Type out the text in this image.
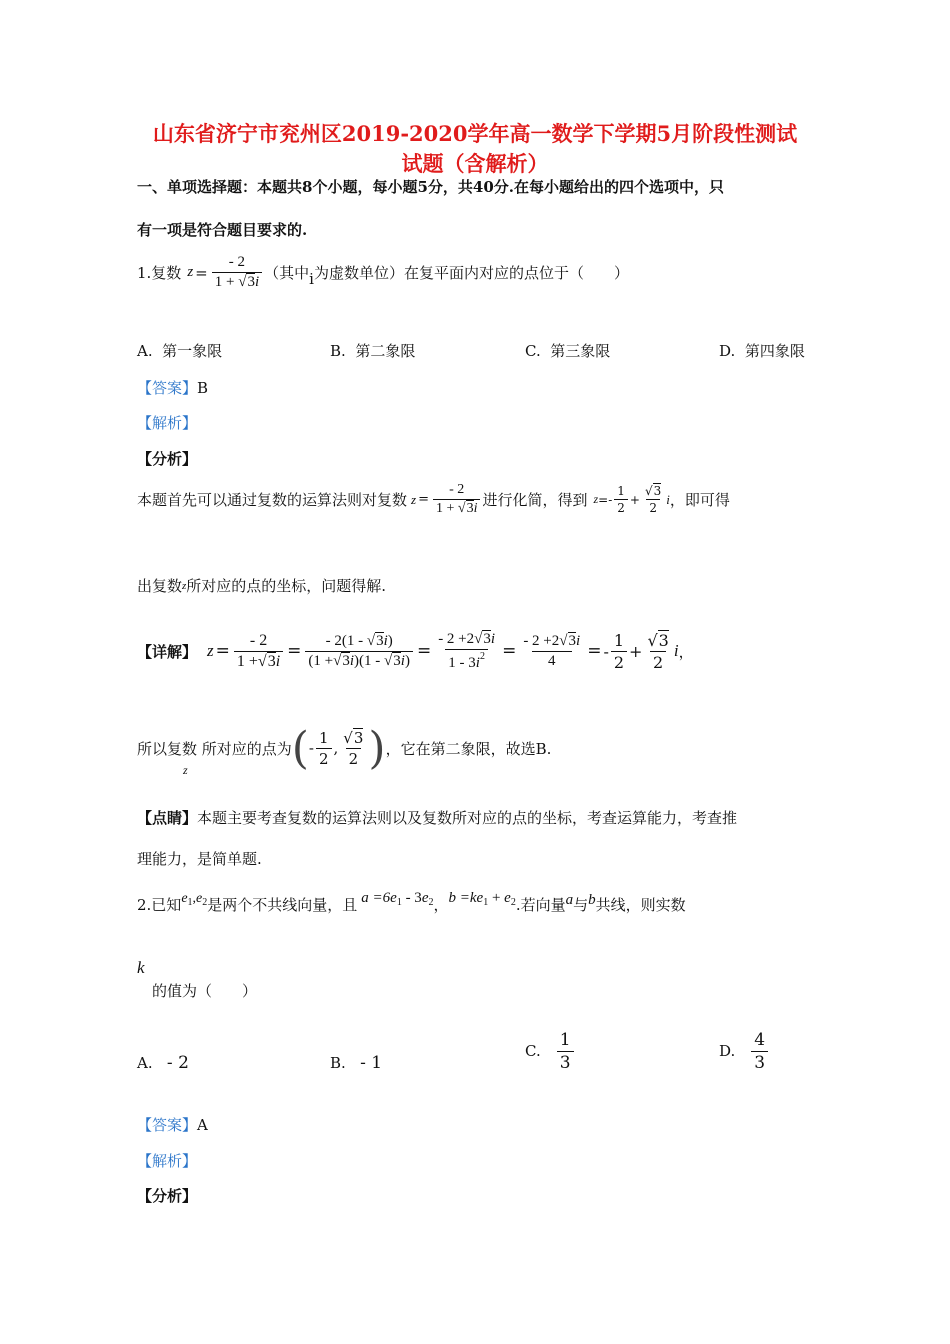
山东省济宁市兖州区2019-2020学年高一数学下学期5月阶段性测试
试题（含解析）
一、单项选择题：本题共8个小题，每小题5分，共40分.在每小题给出的四个选项中，只
有一项是符合题目要求的.
1.复数 $z = \frac{- 2}{1 + √3i}$ （其中 i 为虚数单位）在复平面内对应的点位于（　　）
A. 第一象限	B. 第二象限	C. 第三象限	D. 第四象限
【答案】B
【解析】
【分析】
本题首先可以通过复数的运算法则对复数 $z = \frac{- 2}{1 + √3i}$ 进行化简，得到 z = - $\frac{1}{2} + \frac{√3}{2}$ i ，即可得
出复数z所对应的点的坐标，问题得解.
【详解】 $z = \frac{- 2}{1 +√3i} = \frac{- 2(1 - √3i)}{(1 +√3i)(1 - √3i)} = \frac{- 2 +2√3i}{1 - 3i^2} = \frac{- 2 +2√3i}{4}$ = - $\frac{1}{2} + \frac{√3}{2}$ i ，
所以复数
z
所对应的点为 ( - $\frac{1}{2}$ , $\frac{√3}{2}$ ) ，它在第二象限，故选B.
【点睛】本题主要考查复数的运算法则以及复数所对应的点的坐标，考查运算能力，考查推
理能力，是简单题.
2.已知 $e_1,e_2$ 是两个不共线向量，且 $a =6e_1 - 3e_2$ ， $b =ke_1 + e_2$ .若向量 a 与 b 共线，则实数
k
的值为（　　）
A. - 2	B. - 1
C. $\frac{1}{3}$	D. $\frac{4}{3}$
【答案】A
【解析】
【分析】
